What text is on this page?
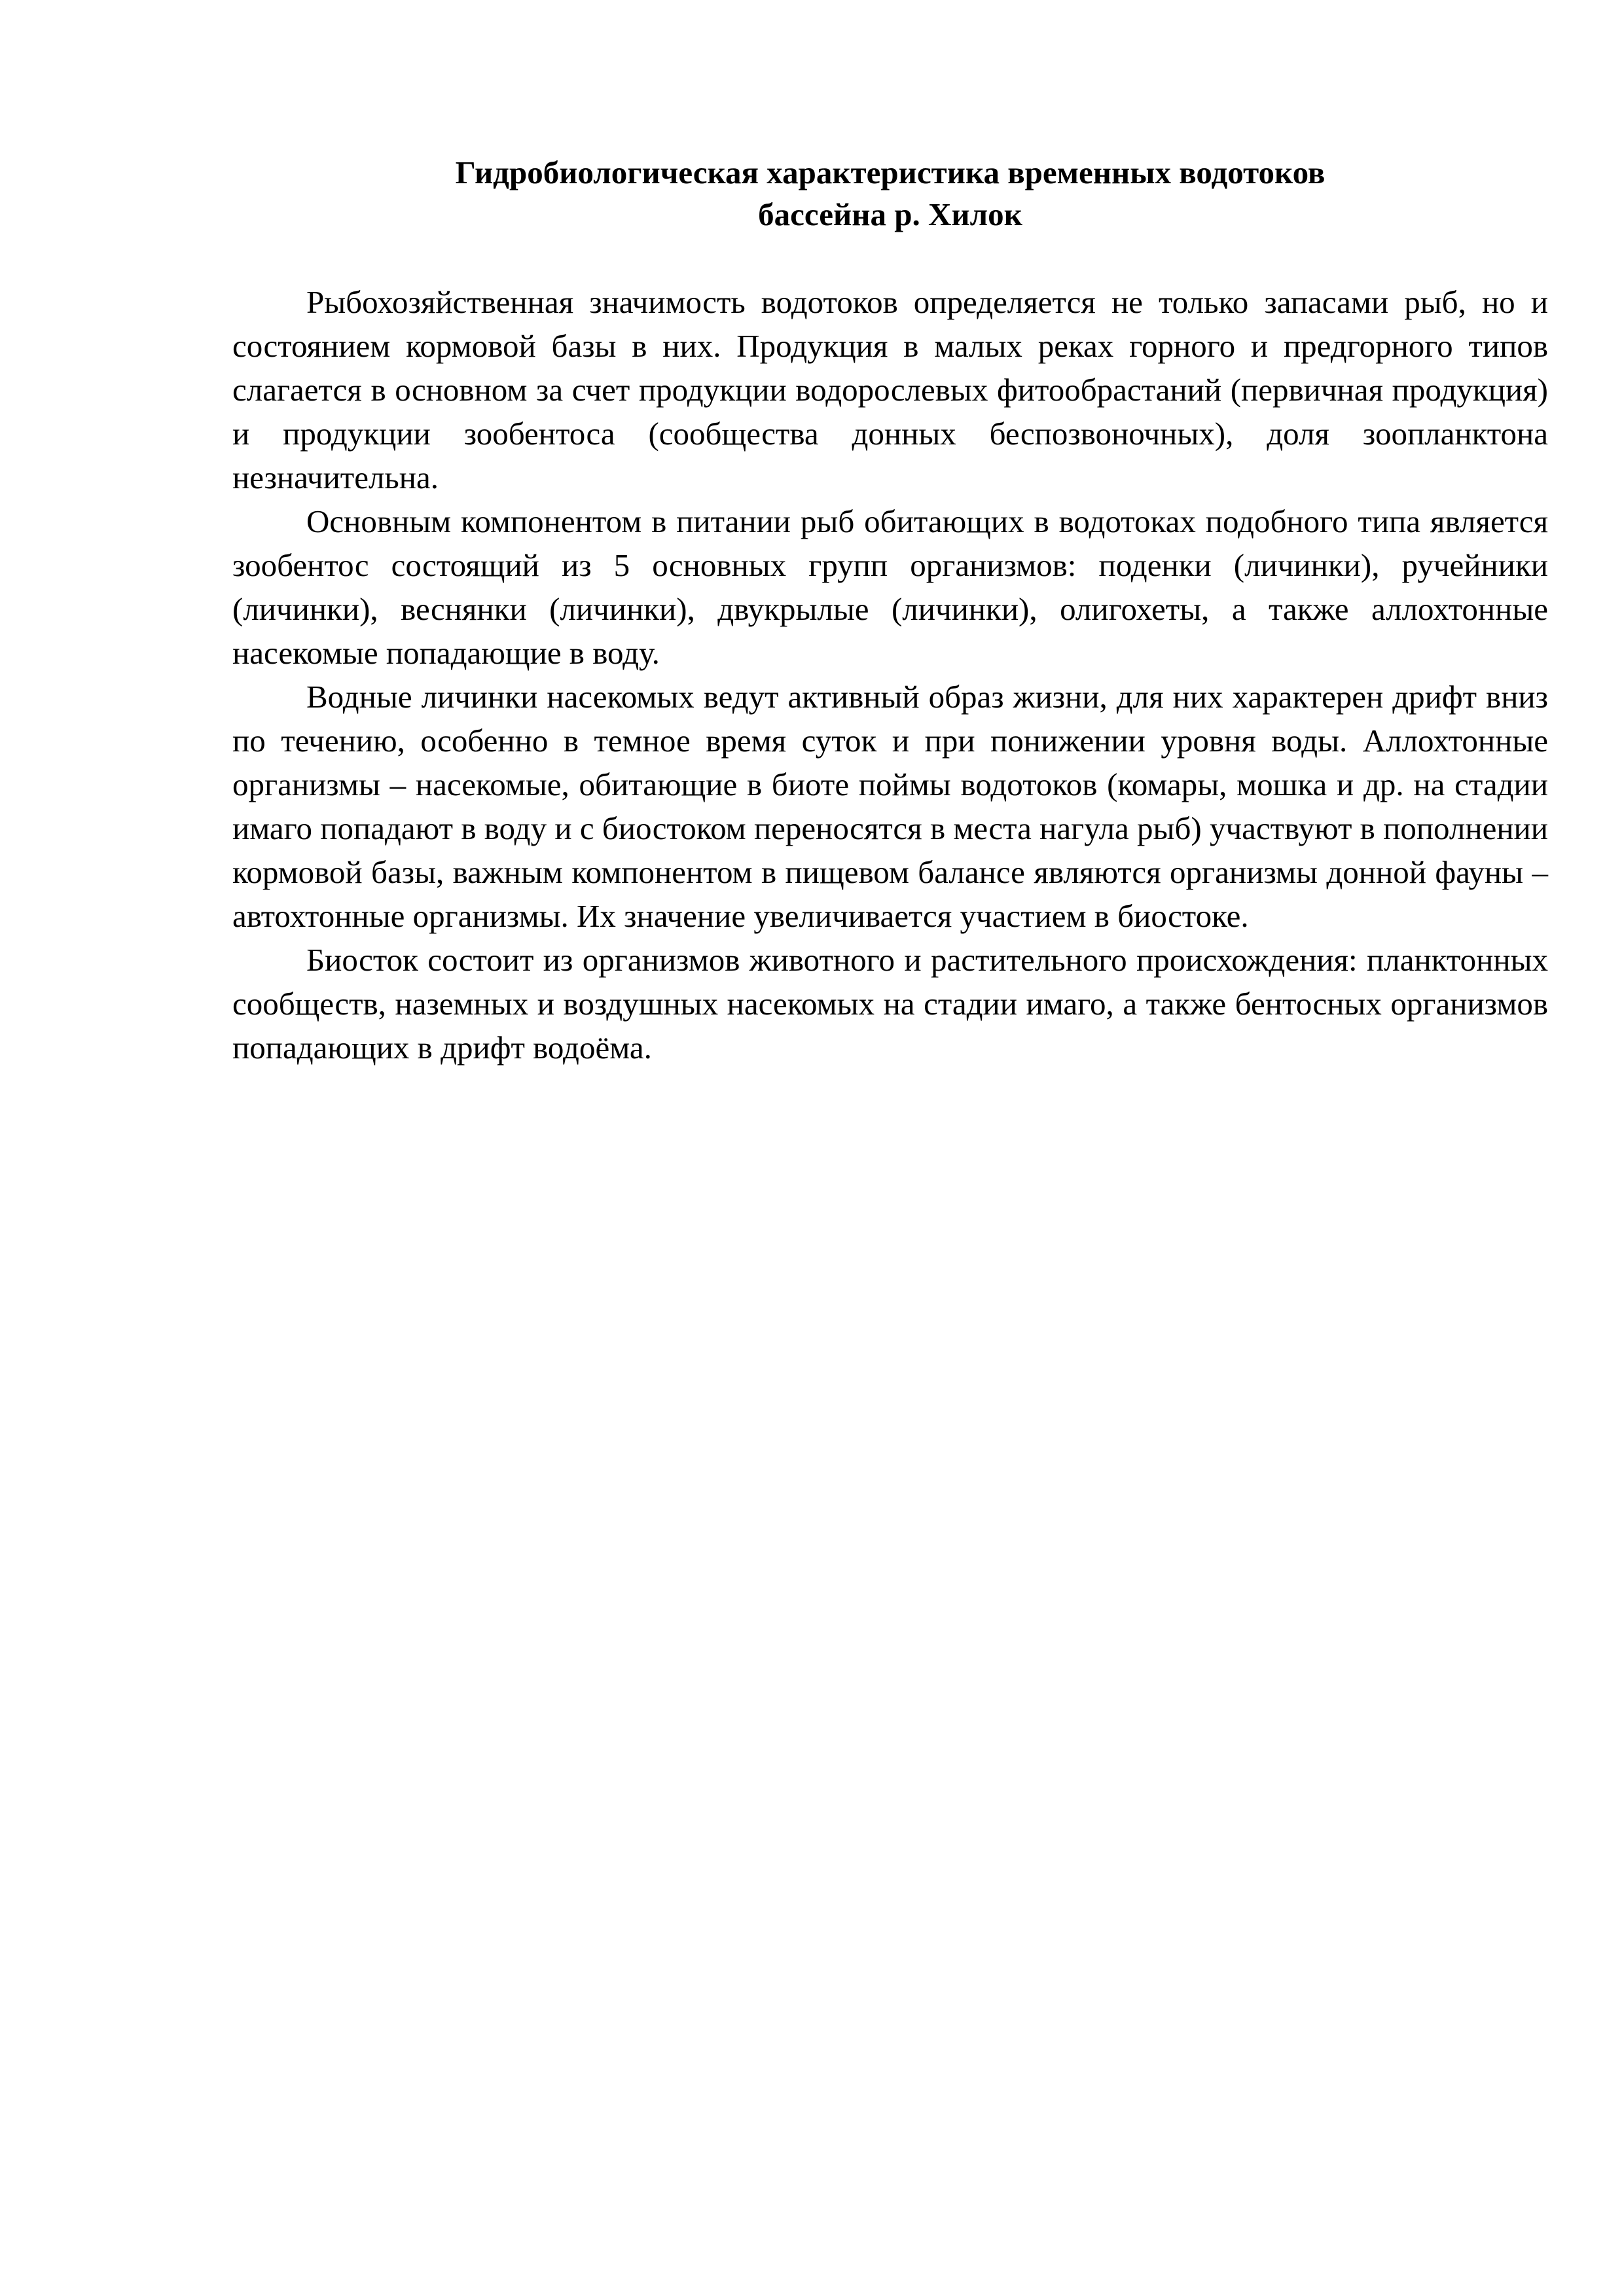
Гидробиологическая характеристика временных водотоков
бассейна р. Хилок

Рыбохозяйственная значимость водотоков определяется не только запасами рыб, но и состоянием кормовой базы в них. Продукция в малых реках горного и предгорного типов слагается в основном за счет продукции водорослевых фитообрастаний (первичная продукция) и продукции зообентоса (сообщества донных беспозвоночных), доля зоопланктона незначительна.

Основным компонентом в питании рыб обитающих в водотоках подобного типа является зообентос состоящий из 5 основных групп организмов: поденки (личинки), ручейники (личинки), веснянки (личинки), двукрылые (личинки), олигохеты, а также аллохтонные насекомые попадающие в воду.

Водные личинки насекомых ведут активный образ жизни, для них характерен дрифт вниз по течению, особенно в темное время суток и при понижении уровня воды. Аллохтонные организмы – насекомые, обитающие в биоте поймы водотоков (комары, мошка и др. на стадии имаго попадают в воду и с биостоком переносятся в места нагула рыб) участвуют в пополнении кормовой базы, важным компонентом в пищевом балансе являются организмы донной фауны – автохтонные организмы. Их значение увеличивается участием в биостоке.

Биосток состоит из организмов животного и растительного происхождения: планктонных сообществ, наземных и воздушных насекомых на стадии имаго, а также бентосных организмов попадающих в дрифт водоёма.
